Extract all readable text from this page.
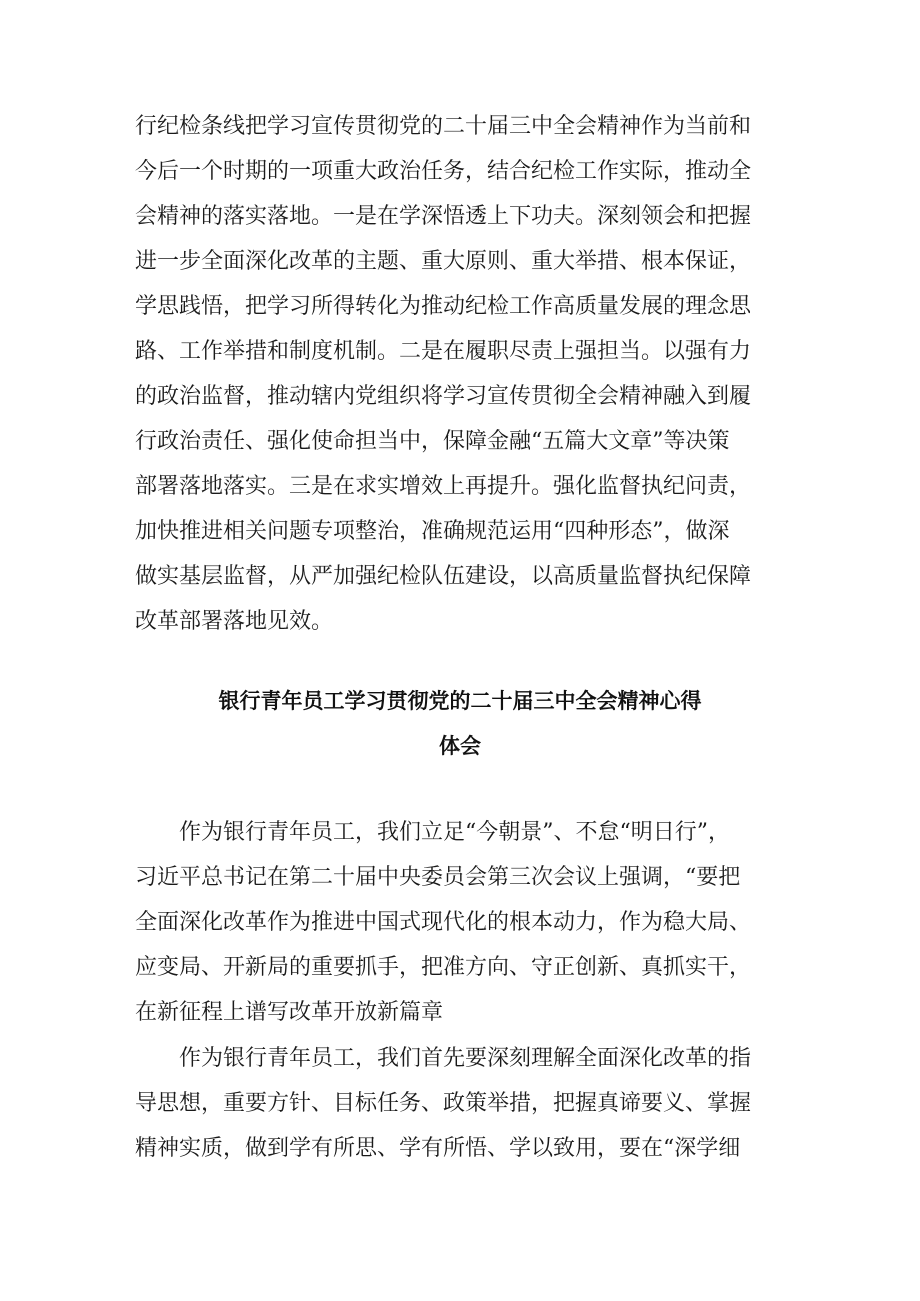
行纪检条线把学习宣传贯彻党的二十届三中全会精神作为当前和
今后一个时期的一项重大政治任务，结合纪检工作实际，推动全
会精神的落实落地。一是在学深悟透上下功夫。深刻领会和把握
进一步全面深化改革的主题、重大原则、重大举措、根本保证，
学思践悟，把学习所得转化为推动纪检工作高质量发展的理念思
路、工作举措和制度机制。二是在履职尽责上强担当。以强有力
的政治监督，推动辖内党组织将学习宣传贯彻全会精神融入到履
行政治责任、强化使命担当中，保障金融“五篇大文章”等决策
部署落地落实。三是在求实增效上再提升。强化监督执纪问责，
加快推进相关问题专项整治，准确规范运用“四种形态”，做深
做实基层监督，从严加强纪检队伍建设，以高质量监督执纪保障
改革部署落地见效。
银行青年员工学习贯彻党的二十届三中全会精神心得
体会
作为银行青年员工，我们立足“今朝景”、不怠“明日行”，
习近平总书记在第二十届中央委员会第三次会议上强调，“要把
全面深化改革作为推进中国式现代化的根本动力，作为稳大局、
应变局、开新局的重要抓手，把准方向、守正创新、真抓实干，
在新征程上谱写改革开放新篇章
作为银行青年员工，我们首先要深刻理解全面深化改革的指
导思想，重要方针、目标任务、政策举措，把握真谛要义、掌握
精神实质，做到学有所思、学有所悟、学以致用，要在“深学细
